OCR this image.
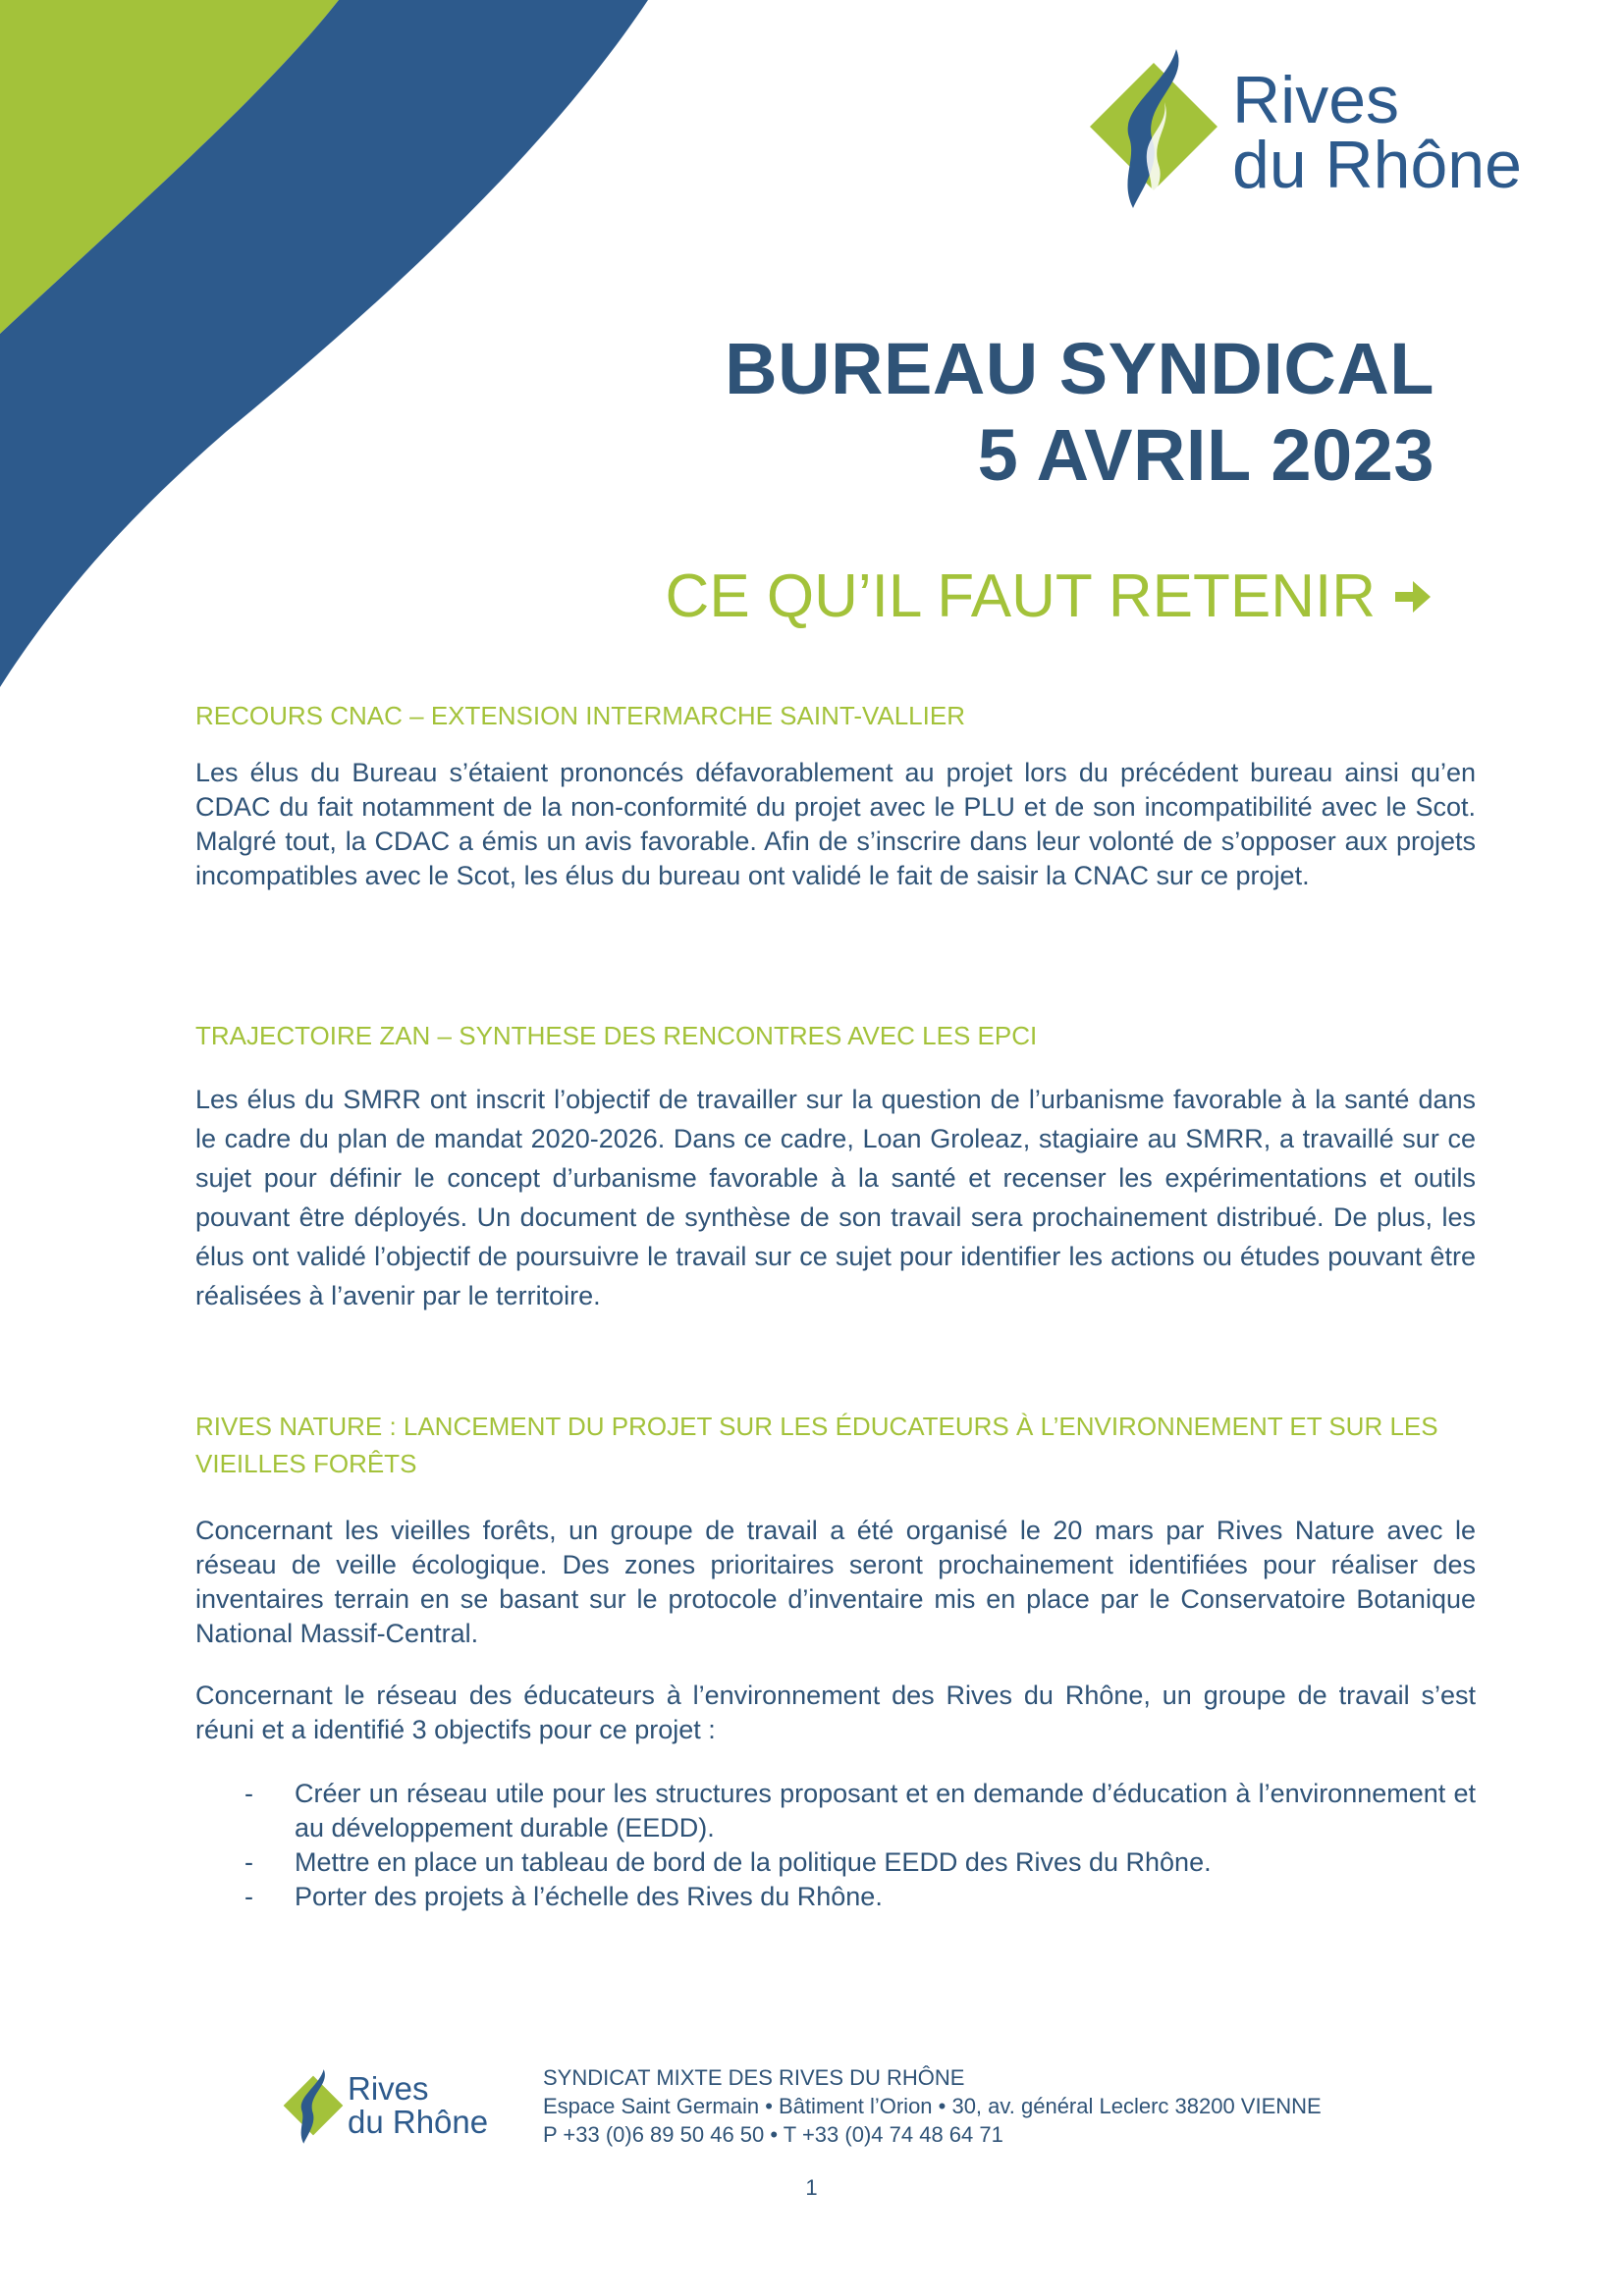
Rives
du Rhône
BUREAU SYNDICAL
5 AVRIL 2023
CE QU’IL FAUT RETENIR
RECOURS CNAC – EXTENSION INTERMARCHE SAINT-VALLIER

Les élus du Bureau s’étaient prononcés défavorablement au projet lors du précédent bureau ainsi qu’en CDAC du fait notamment de la non-conformité du projet avec le PLU et de son incompatibilité avec le Scot. Malgré tout, la CDAC a émis un avis favorable. Afin de s’inscrire dans leur volonté de s’opposer aux projets incompatibles avec le Scot, les élus du bureau ont validé le fait de saisir la CNAC sur ce projet.

TRAJECTOIRE ZAN – SYNTHESE DES RENCONTRES AVEC LES EPCI

Les élus du SMRR ont inscrit l’objectif de travailler sur la question de l’urbanisme favorable à la santé dans le cadre du plan de mandat 2020-2026. Dans ce cadre, Loan Groleaz, stagiaire au SMRR, a travaillé sur ce sujet pour définir le concept d’urbanisme favorable à la santé et recenser les expérimentations et outils pouvant être déployés. Un document de synthèse de son travail sera prochainement distribué. De plus, les élus ont validé l’objectif de poursuivre le travail sur ce sujet pour identifier les actions ou études pouvant être réalisées à l’avenir par le territoire.

RIVES NATURE : LANCEMENT DU PROJET SUR LES ÉDUCATEURS À L’ENVIRONNEMENT ET SUR LES VIEILLES FORÊTS

Concernant les vieilles forêts, un groupe de travail a été organisé le 20 mars par Rives Nature avec le réseau de veille écologique. Des zones prioritaires seront prochainement identifiées pour réaliser des inventaires terrain en se basant sur le protocole d’inventaire mis en place par le Conservatoire Botanique National Massif-Central.

Concernant le réseau des éducateurs à l’environnement des Rives du Rhône, un groupe de travail s’est réuni et a identifié 3 objectifs pour ce projet :

- Créer un réseau utile pour les structures proposant et en demande d’éducation à l’environnement et au développement durable (EEDD).
- Mettre en place un tableau de bord de la politique EEDD des Rives du Rhône.
- Porter des projets à l’échelle des Rives du Rhône.
Rives
du Rhône
SYNDICAT MIXTE DES RIVES DU RHÔNE
Espace Saint Germain • Bâtiment l’Orion • 30, av. général Leclerc 38200 VIENNE
P +33 (0)6 89 50 46 50 • T +33 (0)4 74 48 64 71
1
